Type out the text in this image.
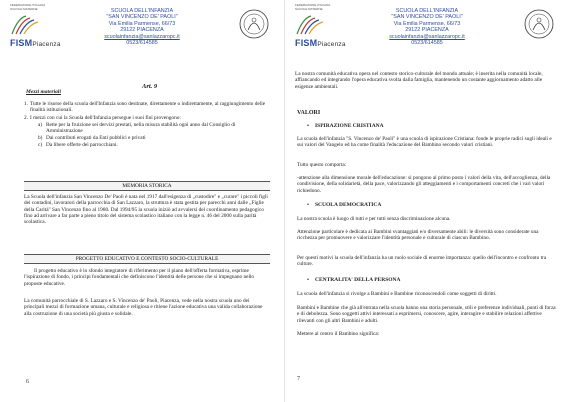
FEDERAZIONE ITALIANA
SCUOLE MATERNE
FISMPiacenza
SCUOLA DELL'INFANZIA
"SAN VINCENZO DE' PAOLI"
Via Emilia Parmense, 66/73
29122 PIACENZA
scuolainfanzia@sanlazzaropc.it
0523/614585
Art. 9
Mezzi materiali
1. Tutte le risorse della scuola dell'Infanzia sono destinate, direttamente o indirettamente, al raggiungimento delle finalità istituzionali.
2. I mezzi con cui la Scuola dell'Infanzia persegue i suoi fini provengono:
a) Rette per la fruizione sei dervizi prestati, nella misura stabilità ogni anno dal Consiglio di Amministrazione
b) Dai contributi erogati da Enti pubblici e privati
c) Da libere offerte dei parrocchiani.
MEMORIA STORICA
La Scuola dell'infanzia San Vincenzo De' Paoli è nata nel 1917 dall'esigenza di „custodire" e „curare" i piccoli figli dei contadini, lavoratori della parrocchia di San Lazzaro, la struttura è stata gestita per parecchi anni dalle „Figlie della Carità" San Vincenzo fino al 1980. Dal 1994/95 la scuola iniziò ad avvalersi del coordinamento pedagogico fino ad arrivare a far parte a pieno titolo del sistema scolastico italiano con la legge n. 46 del 2000 sulla parità scolastica.
PROGETTO EDUCATIVO E CONTESTO SOCIO-CULTURALE
Il progetto educativo è lo sfondo integratore di riferimento per il piano dell'offerta formativa, esprime l'ispirazione di fondo, i principi fondamentali che definiscono l'identità delle persone che si impegnano nello proposte educative.
La comunità parrocchiale di S. Lazzaro e S. Vincenzo de' Paoli, Piacenza, vede nella nostra scuola uno dei principali mezzi di formazione umana, culturale e religiosa e ritiene l'azione educativa una valida collaborazione alla costruzione di una società più giusta e solidale.
6
FEDERAZIONE ITALIANA
SCUOLE MATERNE
FISMPiacenza
SCUOLA DELL'INFANZIA
"SAN VINCENZO DE' PAOLI"
Via Emilia Parmense, 66/73
29122 PIACENZA
scuolainfanzia@sanlazzaropc.it
0523/614585
La nostra comunità educativa opera nel contesto storico-culturale del mondo attuale; è inserita nella comunità locale, affiancando ed integrando l'opera educativa svolta dalla famiglia, mantenendo un costante aggiornamento adatto alle esigenze ambientali.
VALORI
• ISPIRAZIONE CRISTIANA
La scuola dell'infanzia "S. Vincenzo de' Paoli" è una scuola di ispirazione Cristiana: fonde le proprie radici sugli ideali e sui valori del Vangelo ed ha come finalità l'educazione del Bambino secondo valori cristiani.
Tutto questo comporta:
-attenzione alla dimensione morale dell'educazione: si pongono al primo posto i valori della vita, dell'accoglienza, della condivisione, della solidarietà, della pace, valorizzando gli atteggiamenti e i comportamenti concreti che i vari valori richiedono.
• SCUOLA DEMOCRATICA
La nostra scuola è luogo di tutti e per tutti senza discriminazione alcuna.
Attenzione particolare è dedicata ai Bambini svantaggiati e/o diversamente abili: le diversità sono considerate una ricchezza per promuovere e valorizzare l'identità personale e culturale di ciascun Bambino.
Per questi motivi la scuola dell'infanzia ha un ruolo sociale di enorme importanza: quello dell'incontro e confronto tra culture.
• CENTRALITA' DELLA PERSONA
La scuola dell'infanzia si rivolge a Bambini e Bambine riconoscendoli come soggetti di diritti.
Bambini e Bambine che già all'entrata nella scuola hanno una storia personale, stili e preferenze individuali, punti di forza e di debolezza. Sono soggetti attivi interessati a esprimersi, conoscere, agire, interagire e stabilire relazioni affettive rilevanti con gli altri Bambini e adulti.
Mettere al centro il Bambino significa:
7
